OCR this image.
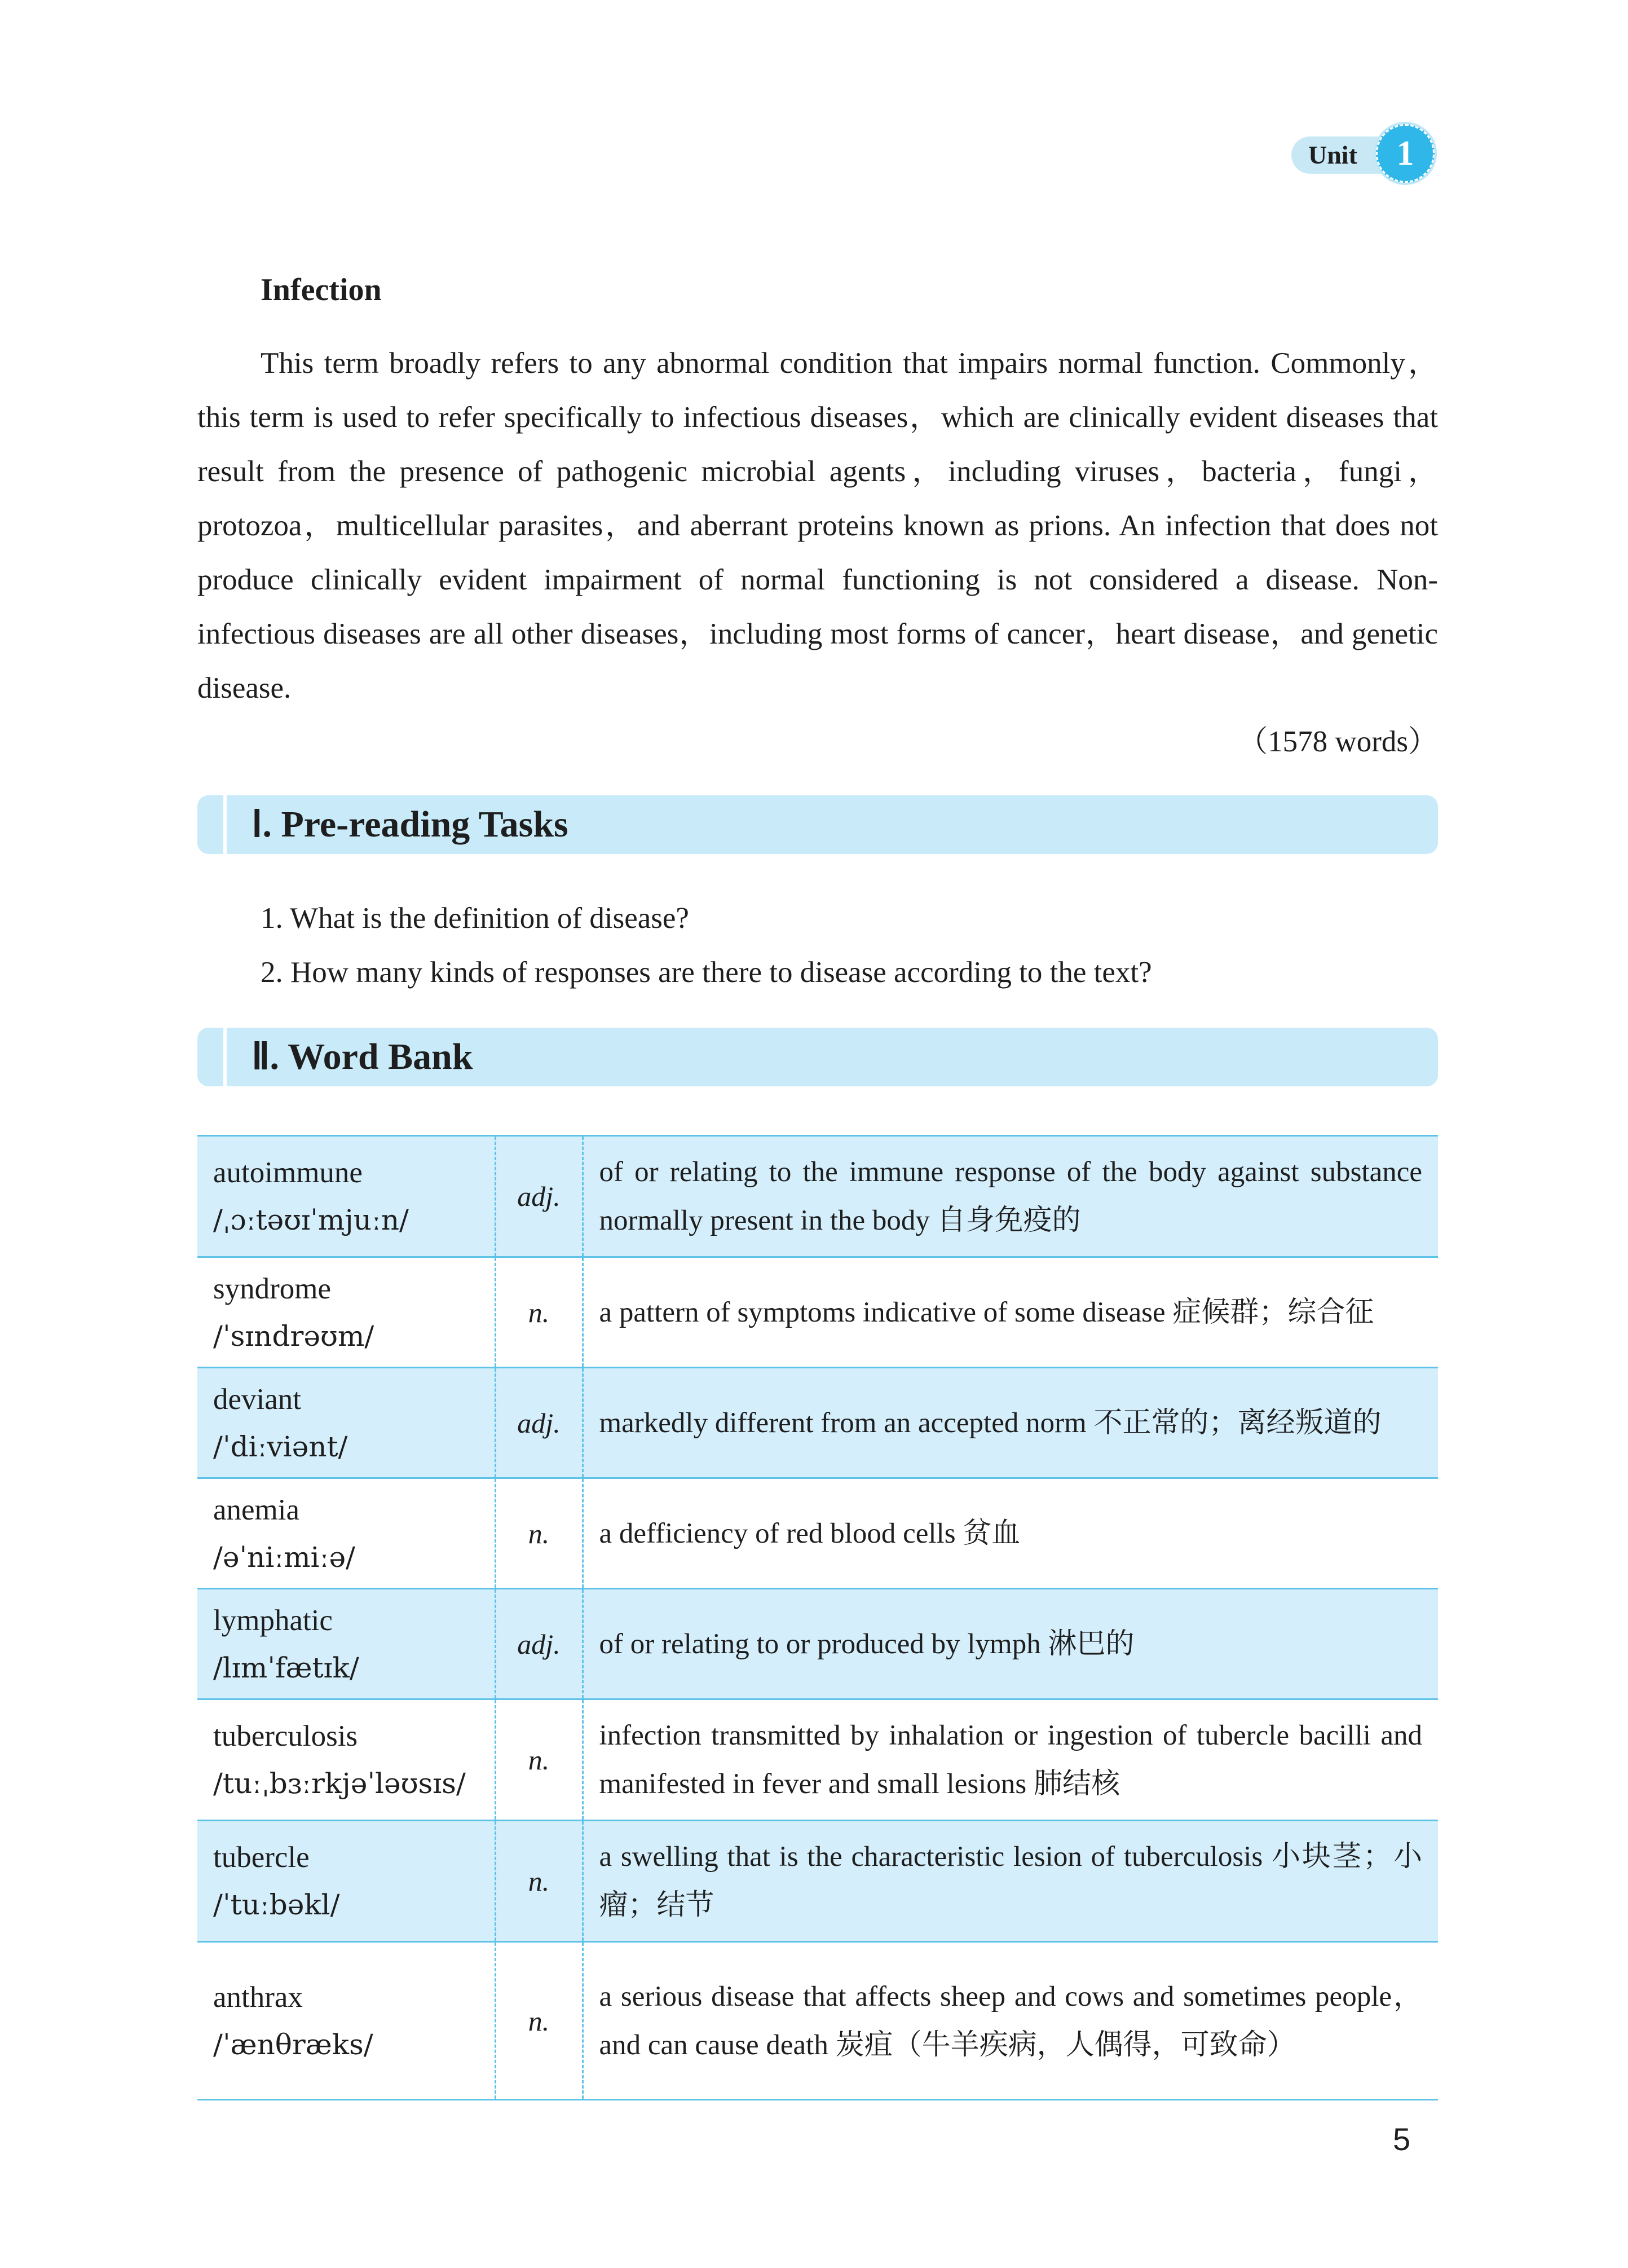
Unit	1
Infection

This term broadly refers to any abnormal condition that impairs normal function. Commonly，this term is used to refer specifically to infectious diseases，which are clinically evident diseases that result from the presence of pathogenic microbial agents，including viruses，bacteria，fungi，protozoa，multicellular parasites，and aberrant proteins known as prions. An infection that does not produce clinically evident impairment of normal functioning is not considered a disease. Non-infectious diseases are all other diseases，including most forms of cancer，heart disease，and genetic disease.

（1578 words）
Ⅰ. Pre-reading Tasks
1. What is the definition of disease?
2. How many kinds of responses are there to disease according to the text?
Ⅱ. Word Bank
autoimmune
/ˌɔːtəʊɪˈmjuːn/	adj.	of or relating to the immune response of the body against substance normally present in the body 自身免疫的

syndrome
/ˈsɪndrəʊm/	n.	a pattern of symptoms indicative of some disease 症候群；综合征

deviant
/ˈdiːviənt/	adj.	markedly different from an accepted norm 不正常的；离经叛道的

anemia
/əˈniːmiːə/	n.	a defficiency of red blood cells 贫血

lymphatic
/lɪmˈfætɪk/	adj.	of or relating to or produced by lymph 淋巴的

tuberculosis
/tuːˌbɜːrkjəˈləʊsɪs/	n.	infection transmitted by inhalation or ingestion of tubercle bacilli and manifested in fever and small lesions 肺结核

tubercle
/ˈtuːbəkl/	n.	a swelling that is the characteristic lesion of tuberculosis 小块茎；小瘤；结节

anthrax
/ˈænθræks/	n.	a serious disease that affects sheep and cows and sometimes people，and can cause death 炭疽（牛羊疾病，人偶得，可致命）
5
